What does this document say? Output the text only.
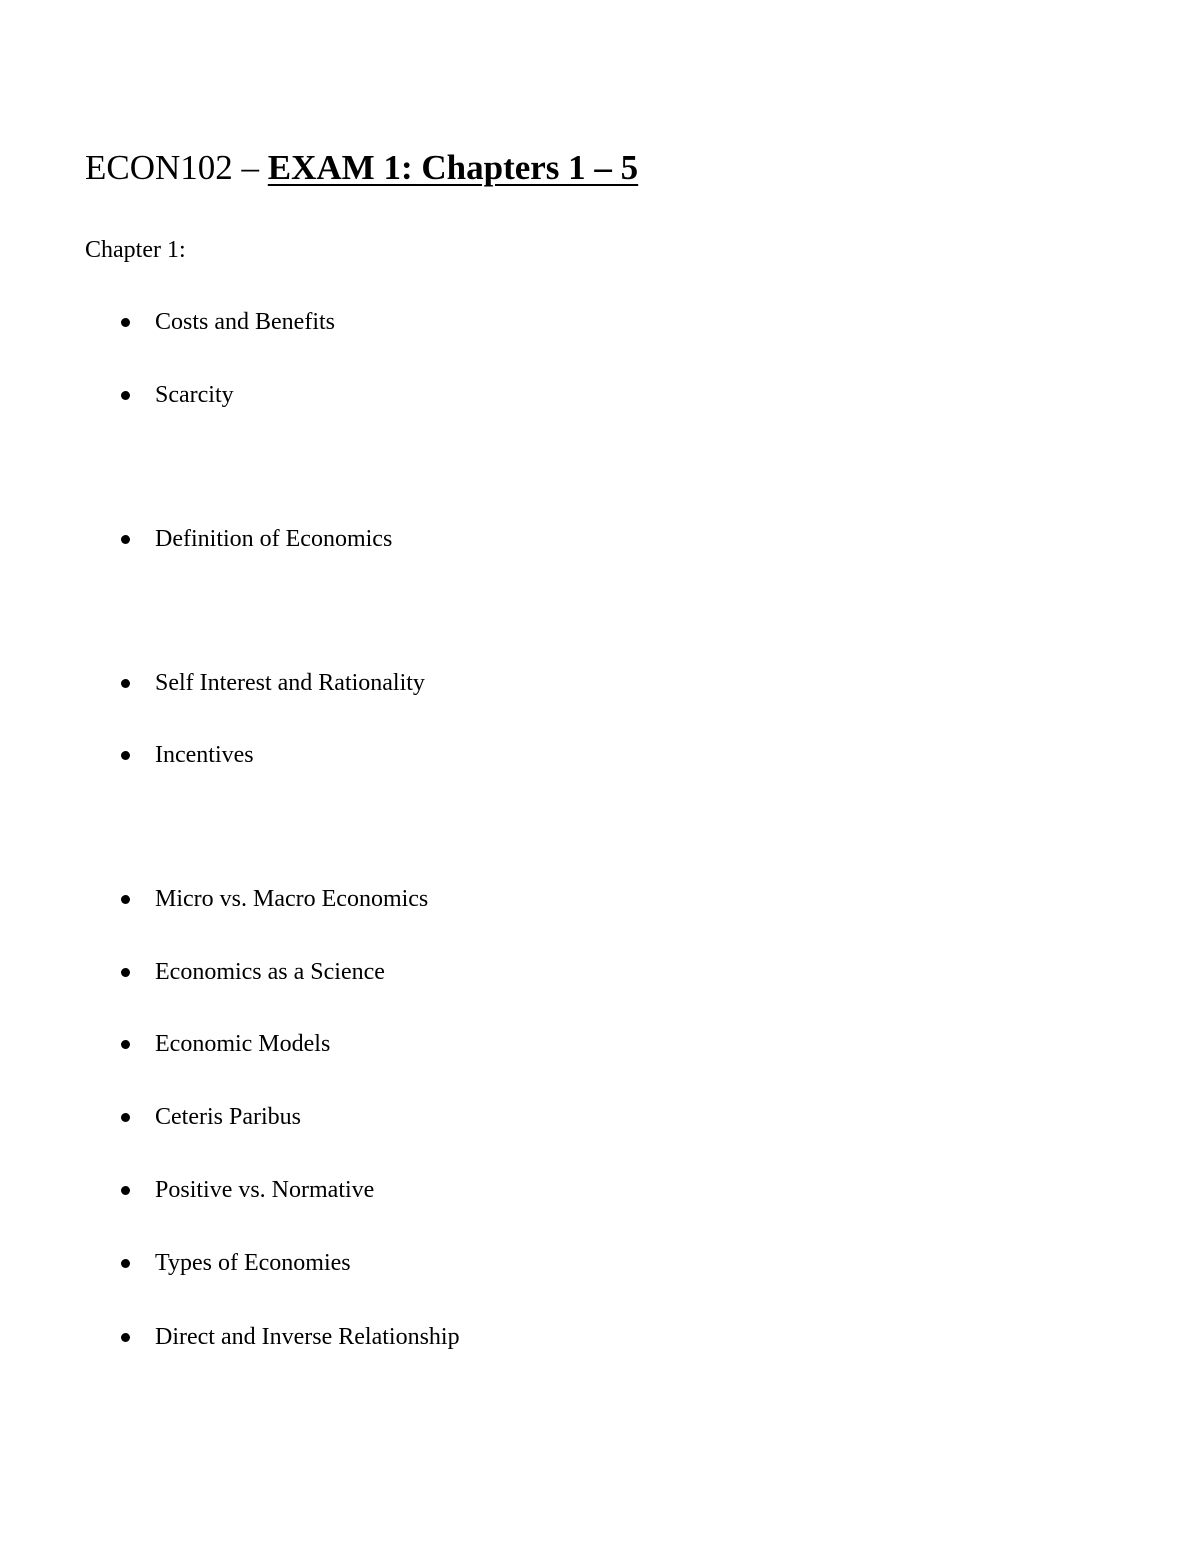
ECON102 – EXAM 1: Chapters 1 – 5
Chapter 1:
Costs and Benefits
Scarcity
Definition of Economics
Self Interest and Rationality
Incentives
Micro vs. Macro Economics
Economics as a Science
Economic Models
Ceteris Paribus
Positive vs. Normative
Types of Economies
Direct and Inverse Relationship
